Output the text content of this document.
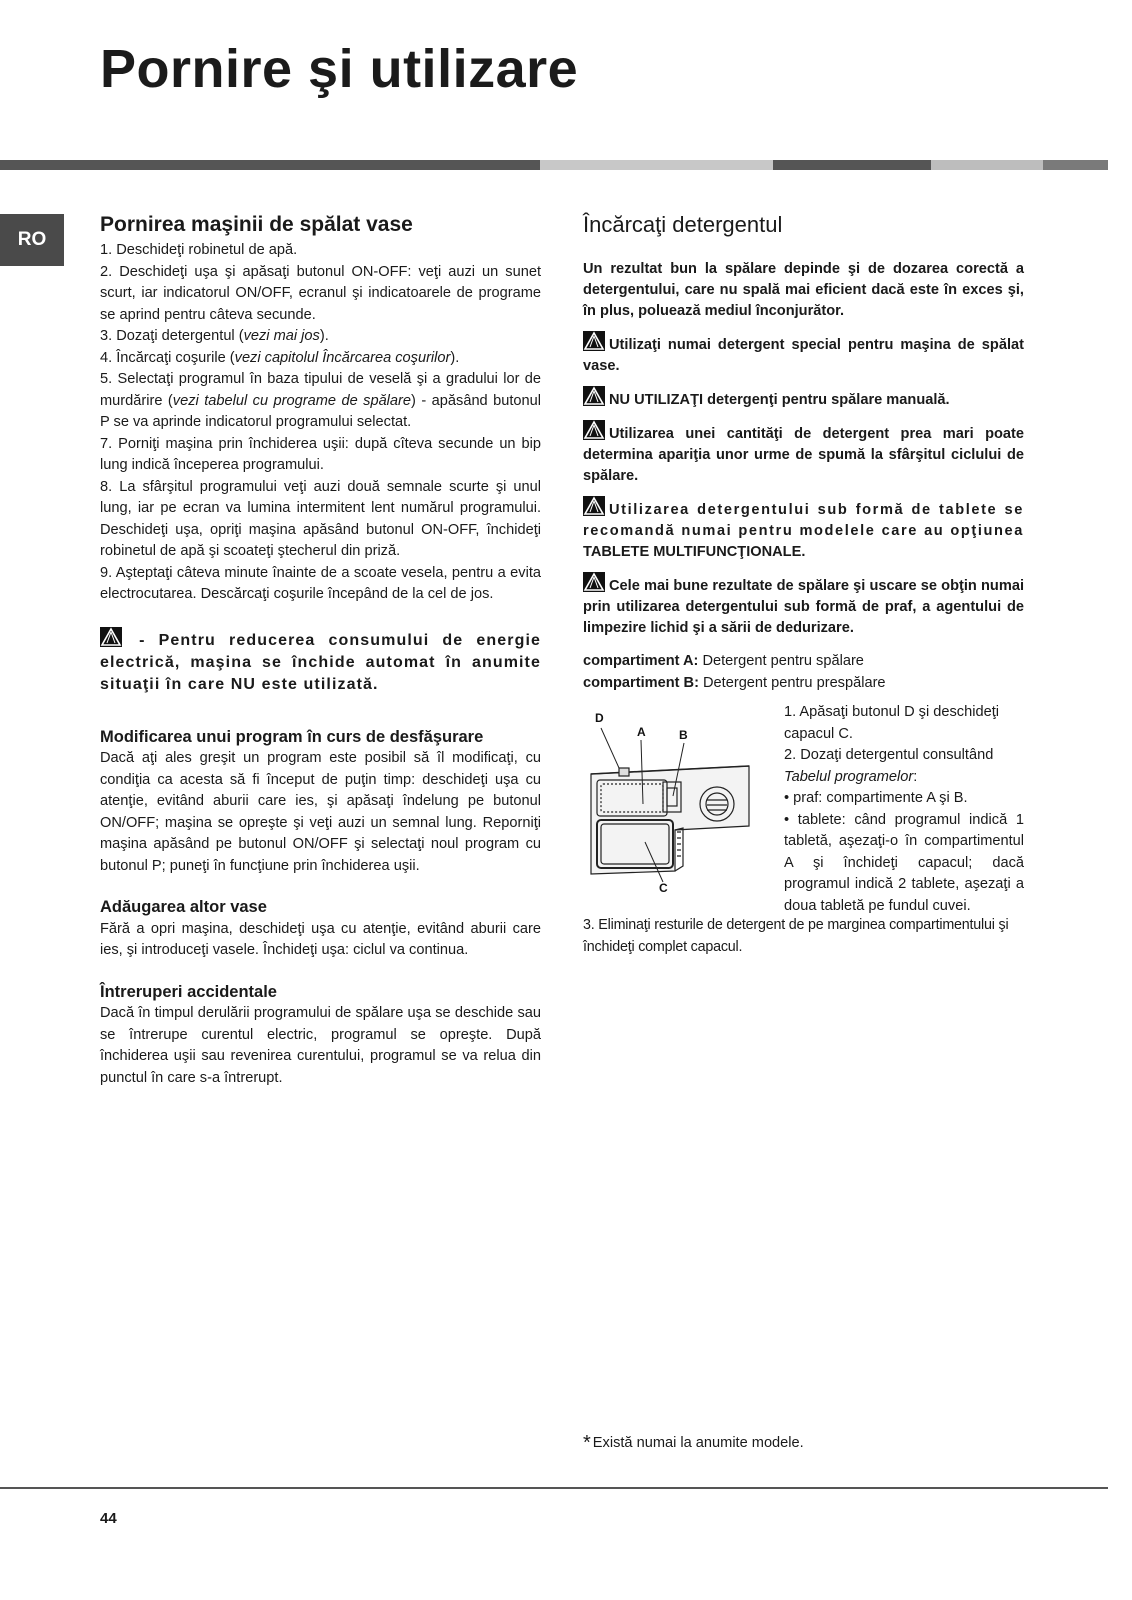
Pornire şi utilizare
RO
Pornirea maşinii de spălat vase

1. Deschideţi robinetul de apă.

2. Deschideţi uşa şi apăsaţi butonul ON-OFF: veţi auzi un sunet scurt, iar indicatorul ON/OFF, ecranul şi indicatoarele de programe se aprind pentru câteva secunde.

3. Dozaţi detergentul (vezi mai jos).

4. Încărcaţi coşurile (vezi capitolul Încărcarea coşurilor).

5. Selectaţi programul în baza tipului de veselă şi a gradului lor de murdărire (vezi tabelul cu programe de spălare) - apăsând butonul P se va aprinde indicatorul programului selectat.

7. Porniţi maşina prin închiderea uşii: după cîteva secunde un bip lung indică începerea programului.

8. La sfârşitul programului veţi auzi două semnale scurte şi unul lung, iar pe ecran va lumina intermitent lent numărul programului. Deschideţi uşa, opriţi maşina apăsând butonul ON-OFF, închideţi robinetul de apă şi scoateţi ştecherul din priză.

9. Aşteptaţi câteva minute înainte de a scoate vesela, pentru a evita electrocutarea. Descărcaţi coşurile începând de la cel de jos.

- Pentru reducerea consumului de energie electrică, maşina se închide automat în anumite situaţii în care NU este utilizată.

Modificarea unui program în curs de desfăşurare

Dacă aţi ales greşit un program este posibil să îl modificaţi, cu condiţia ca acesta să fi început de puţin timp: deschideţi uşa cu atenţie, evitând aburii care ies, şi apăsaţi îndelung pe butonul ON/OFF; maşina se opreşte şi veţi auzi un semnal lung. Reporniţi maşina apăsând pe butonul ON/OFF şi selectaţi noul program cu butonul P; puneţi în funcţiune prin închiderea uşii.

Adăugarea altor vase

Fără a opri maşina, deschideţi uşa cu atenţie, evitând aburii care ies, şi introduceţi vasele. Închideţi uşa: ciclul va continua.

Întreruperi accidentale

Dacă în timpul derulării programului de spălare uşa se deschide sau se întrerupe curentul electric, programul se opreşte. După închiderea uşii sau revenirea curentului, programul se va relua din punctul în care s-a întrerupt.

Încărcaţi detergentul

Un rezultat bun la spălare depinde şi de dozarea corectă a detergentului, care nu spală mai eficient dacă este în exces şi, în plus, poluează mediul înconjurător.

Utilizaţi numai detergent special pentru maşina de spălat vase.

NU UTILIZAŢI detergenţi pentru spălare manuală.

Utilizarea unei cantităţi de detergent prea mari poate determina apariţia unor urme de spumă la sfârşitul ciclului de spălare.

Utilizarea detergentului sub formă de tablete se recomandă numai pentru modelele care au opţiunea TABLETE MULTIFUNCŢIONALE.

Cele mai bune rezultate de spălare şi uscare se obţin numai prin utilizarea detergentului sub formă de praf, a agentului de limpezire lichid şi a sării de dedurizare.

compartiment A: Detergent pentru spălare

compartiment B: Detergent pentru prespălare

D
A	B
C

1. Apăsaţi butonul D şi deschideţi capacul C.

2. Dozaţi detergentul consultând Tabelul programelor:

• praf: compartimente A şi B.

• tablete: când programul indică 1 tabletă, aşezaţi-o în compartimentul A şi închideţi capacul; dacă programul indică 2 tablete, aşezaţi a doua tabletă pe fundul cuvei.

3. Eliminaţi resturile de detergent de pe marginea compartimentului şi închideţi complet capacul.

* Există numai la anumite modele.
44
